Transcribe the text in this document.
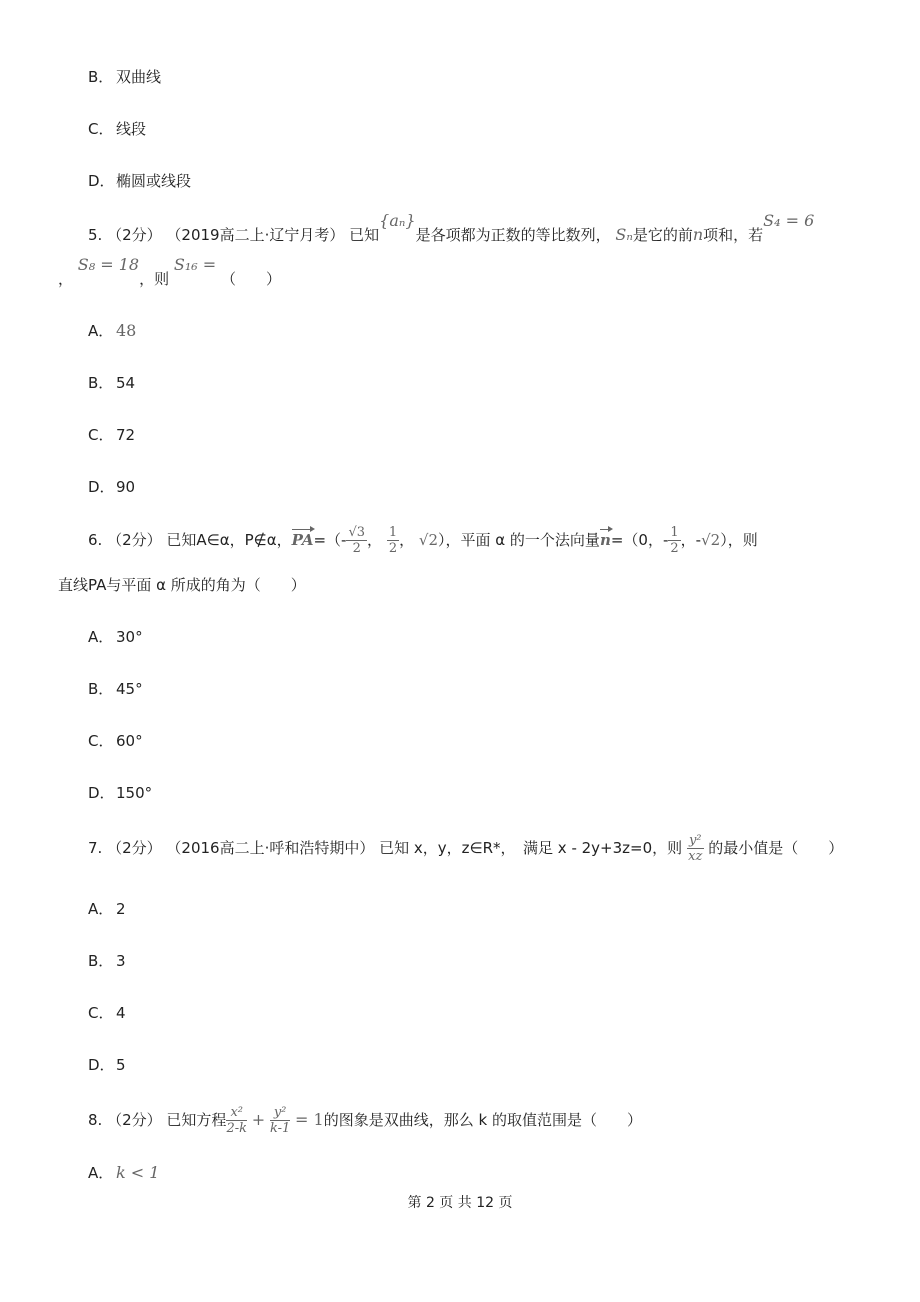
B． 双曲线
C． 线段
D．椭圆或线段
5. （2分） （2019高二上·辽宁月考） 已知{aₙ}是各项都为正数的等比数列， Sₙ是它的前n项和，若S₄ = 6
， S₈ = 18，则 S₁₆ = （　　）
A． 48
B． 54
C． 72
D．90
6. （2分） 已知A∈α，P∉α，$PA=(- \frac{√3}{2}$ ， $\frac{1}{2}$ ， √2），平面 α 的一个法向量n=（0，- $\frac{1}{2}$ ，-√2），则
直线PA与平面 α 所成的角为（　　）
A． 30°
B． 45°
C． 60°
D．150°
7. （2分） （2016高二上·呼和浩特期中） 已知 x，y，z∈R*，　满足 x - 2y+3z=0，则 $\frac{\text{y²}}{xz}$ 的最小值是（　　）
A． 2
B． 3
C． 4
D．5
8. （2分） 已知方程 $\frac{\text{x²}}{2-k} + \frac{\text{y²}}{k-1} = 1$的图象是双曲线，那么 k 的取值范围是（　　）
A． k < 1
第 2 页 共 12 页
